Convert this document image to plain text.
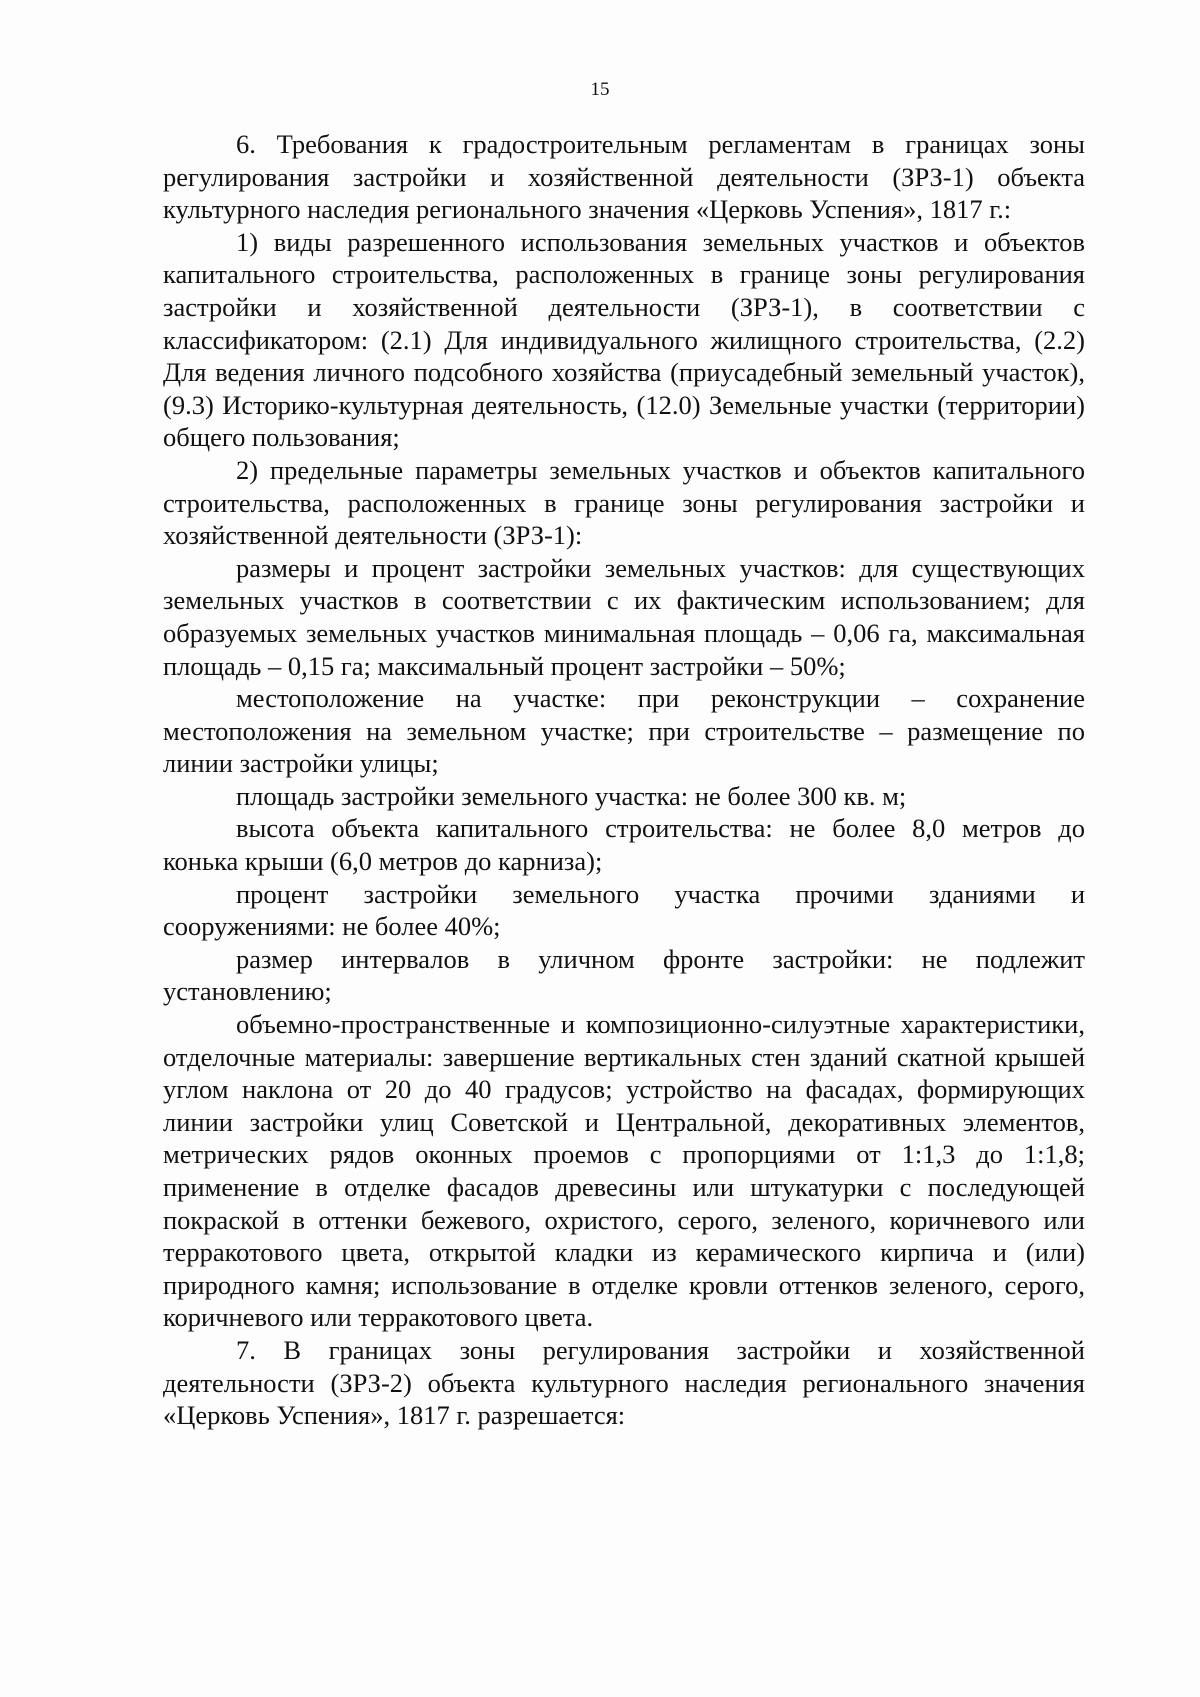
15

6. Требования к градостроительным регламентам в границах зоны регулирования застройки и хозяйственной деятельности (ЗРЗ-1) объекта культурного наследия регионального значения «Церковь Успения», 1817 г.:

1) виды разрешенного использования земельных участков и объектов капитального строительства, расположенных в границе зоны регулирования застройки и хозяйственной деятельности (ЗРЗ-1), в соответствии с классификатором: (2.1) Для индивидуального жилищного строительства, (2.2) Для ведения личного подсобного хозяйства (приусадебный земельный участок), (9.3) Историко-культурная деятельность, (12.0) Земельные участки (территории) общего пользования;

2) предельные параметры земельных участков и объектов капитального строительства, расположенных в границе зоны регулирования застройки и хозяйственной деятельности (ЗРЗ-1):

размеры и процент застройки земельных участков: для существующих земельных участков в соответствии с их фактическим использованием; для образуемых земельных участков минимальная площадь – 0,06 га, максимальная площадь – 0,15 га; максимальный процент застройки – 50%;

местоположение на участке: при реконструкции – сохранение местоположения на земельном участке; при строительстве – размещение по линии застройки улицы;

площадь застройки земельного участка: не более 300 кв. м;

высота объекта капитального строительства: не более 8,0 метров до конька крыши (6,0 метров до карниза);

процент застройки земельного участка прочими зданиями и сооружениями: не более 40%;

размер интервалов в уличном фронте застройки: не подлежит установлению;

объемно-пространственные и композиционно-силуэтные характеристики, отделочные материалы: завершение вертикальных стен зданий скатной крышей углом наклона от 20 до 40 градусов; устройство на фасадах, формирующих линии застройки улиц Советской и Центральной, декоративных элементов, метрических рядов оконных проемов с пропорциями от 1:1,3 до 1:1,8; применение в отделке фасадов древесины или штукатурки с последующей покраской в оттенки бежевого, охристого, серого, зеленого, коричневого или терракотового цвета, открытой кладки из керамического кирпича и (или) природного камня; использование в отделке кровли оттенков зеленого, серого, коричневого или терракотового цвета.

7. В границах зоны регулирования застройки и хозяйственной деятельности (ЗРЗ-2) объекта культурного наследия регионального значения «Церковь Успения», 1817 г. разрешается:
